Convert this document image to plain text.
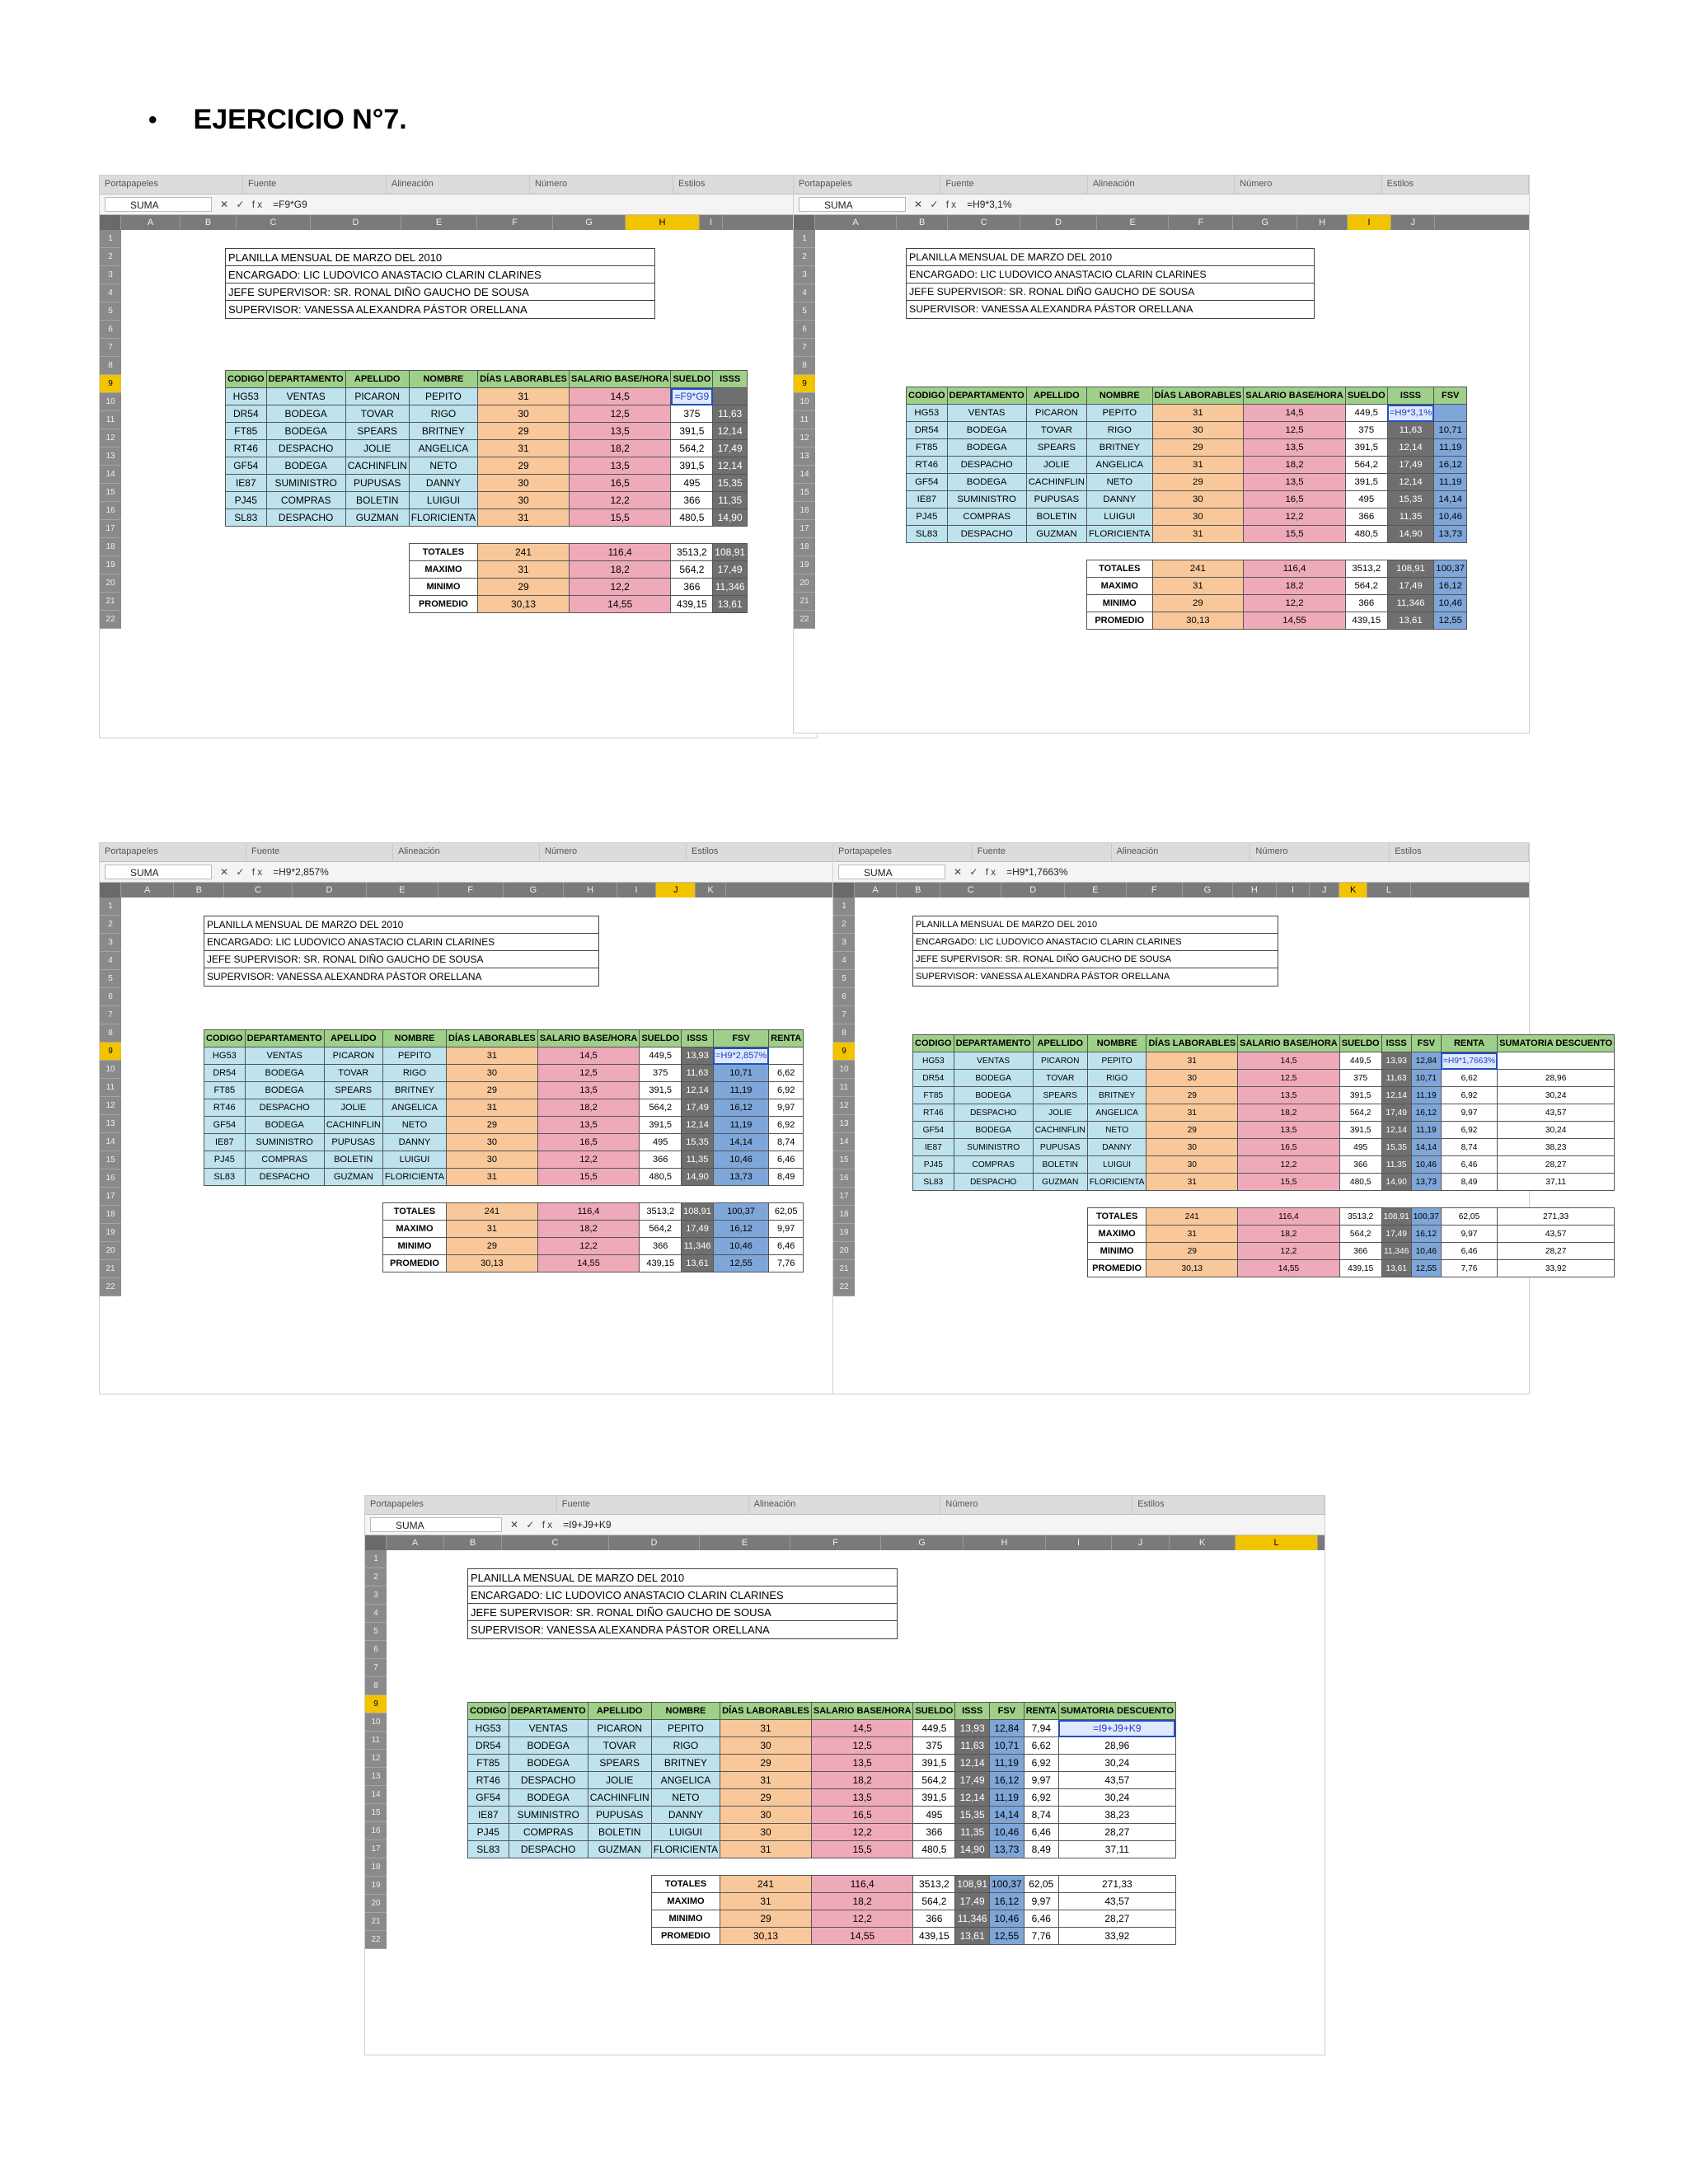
• EJERCICIO N°7.
Portapapeles	Fuente	Alineación	Número	Estilos
SUMA	✕ ✓ fx =F9*G9
A	B	C	D	E	F	G	H	I
1
2
3
4
5
6
7
8
9
10
11
12
13
14
15
16
17
18
19
20
21
22
PLANILLA MENSUAL DE MARZO DEL 2010
ENCARGADO: LIC LUDOVICO ANASTACIO CLARIN CLARINES
JEFE SUPERVISOR: SR. RONAL DIÑO GAUCHO DE SOUSA
SUPERVISOR: VANESSA ALEXANDRA PÁSTOR ORELLANA
CODIGO	DEPARTAMENTO	APELLIDO	NOMBRE	DÍAS LABORABLES	SALARIO BASE/HORA	SUELDO	ISSS
HG53	VENTAS	PICARON	PEPITO	31	14,5	=F9*G9	
DR54	BODEGA	TOVAR	RIGO	30	12,5	375	11,63
FT85	BODEGA	SPEARS	BRITNEY	29	13,5	391,5	12,14
RT46	DESPACHO	JOLIE	ANGELICA	31	18,2	564,2	17,49
GF54	BODEGA	CACHINFLIN	NETO	29	13,5	391,5	12,14
IE87	SUMINISTRO	PUPUSAS	DANNY	30	16,5	495	15,35
PJ45	COMPRAS	BOLETIN	LUIGUI	30	12,2	366	11,35
SL83	DESPACHO	GUZMAN	FLORICIENTA	31	15,5	480,5	14,90

			TOTALES	241	116,4	3513,2	108,91
			MAXIMO	31	18,2	564,2	17,49
			MINIMO	29	12,2	366	11,346
			PROMEDIO	30,13	14,55	439,15	13,61
Portapapeles	Fuente	Alineación	Número	Estilos
SUMA	✕ ✓ fx =H9*3,1%
A	B	C	D	E	F	G	H	I	J
1
2
3
4
5
6
7
8
9
10
11
12
13
14
15
16
17
18
19
20
21
22
PLANILLA MENSUAL DE MARZO DEL 2010
ENCARGADO: LIC LUDOVICO ANASTACIO CLARIN CLARINES
JEFE SUPERVISOR: SR. RONAL DIÑO GAUCHO DE SOUSA
SUPERVISOR: VANESSA ALEXANDRA PÁSTOR ORELLANA
CODIGO	DEPARTAMENTO	APELLIDO	NOMBRE	DÍAS LABORABLES	SALARIO BASE/HORA	SUELDO	ISSS	FSV
HG53	VENTAS	PICARON	PEPITO	31	14,5	449,5	=H9*3,1%	
DR54	BODEGA	TOVAR	RIGO	30	12,5	375	11,63	10,71
FT85	BODEGA	SPEARS	BRITNEY	29	13,5	391,5	12,14	11,19
RT46	DESPACHO	JOLIE	ANGELICA	31	18,2	564,2	17,49	16,12
GF54	BODEGA	CACHINFLIN	NETO	29	13,5	391,5	12,14	11,19
IE87	SUMINISTRO	PUPUSAS	DANNY	30	16,5	495	15,35	14,14
PJ45	COMPRAS	BOLETIN	LUIGUI	30	12,2	366	11,35	10,46
SL83	DESPACHO	GUZMAN	FLORICIENTA	31	15,5	480,5	14,90	13,73

			TOTALES	241	116,4	3513,2	108,91	100,37
			MAXIMO	31	18,2	564,2	17,49	16,12
			MINIMO	29	12,2	366	11,346	10,46
			PROMEDIO	30,13	14,55	439,15	13,61	12,55
Portapapeles	Fuente	Alineación	Número	Estilos
SUMA	✕ ✓ fx =H9*2,857%
A	B	C	D	E	F	G	H	I	J	K
1
2
3
4
5
6
7
8
9
10
11
12
13
14
15
16
17
18
19
20
21
22
PLANILLA MENSUAL DE MARZO DEL 2010
ENCARGADO: LIC LUDOVICO ANASTACIO CLARIN CLARINES
JEFE SUPERVISOR: SR. RONAL DIÑO GAUCHO DE SOUSA
SUPERVISOR: VANESSA ALEXANDRA PÁSTOR ORELLANA
CODIGO	DEPARTAMENTO	APELLIDO	NOMBRE	DÍAS LABORABLES	SALARIO BASE/HORA	SUELDO	ISSS	FSV	RENTA
HG53	VENTAS	PICARON	PEPITO	31	14,5	449,5	13,93	=H9*2,857%	
DR54	BODEGA	TOVAR	RIGO	30	12,5	375	11,63	10,71	6,62
FT85	BODEGA	SPEARS	BRITNEY	29	13,5	391,5	12,14	11,19	6,92
RT46	DESPACHO	JOLIE	ANGELICA	31	18,2	564,2	17,49	16,12	9,97
GF54	BODEGA	CACHINFLIN	NETO	29	13,5	391,5	12,14	11,19	6,92
IE87	SUMINISTRO	PUPUSAS	DANNY	30	16,5	495	15,35	14,14	8,74
PJ45	COMPRAS	BOLETIN	LUIGUI	30	12,2	366	11,35	10,46	6,46
SL83	DESPACHO	GUZMAN	FLORICIENTA	31	15,5	480,5	14,90	13,73	8,49

			TOTALES	241	116,4	3513,2	108,91	100,37	62,05
			MAXIMO	31	18,2	564,2	17,49	16,12	9,97
			MINIMO	29	12,2	366	11,346	10,46	6,46
			PROMEDIO	30,13	14,55	439,15	13,61	12,55	7,76
Portapapeles	Fuente	Alineación	Número	Estilos
SUMA	✕ ✓ fx =H9*1,7663%
A	B	C	D	E	F	G	H	I	J	K	L
1
2
3
4
5
6
7
8
9
10
11
12
13
14
15
16
17
18
19
20
21
22
PLANILLA MENSUAL DE MARZO DEL 2010
ENCARGADO: LIC LUDOVICO ANASTACIO CLARIN CLARINES
JEFE SUPERVISOR: SR. RONAL DIÑO GAUCHO DE SOUSA
SUPERVISOR: VANESSA ALEXANDRA PÁSTOR ORELLANA
CODIGO	DEPARTAMENTO	APELLIDO	NOMBRE	DÍAS LABORABLES	SALARIO BASE/HORA	SUELDO	ISSS	FSV	RENTA	SUMATORIA DESCUENTO
HG53	VENTAS	PICARON	PEPITO	31	14,5	449,5	13,93	12,84	=H9*1,7663%	
DR54	BODEGA	TOVAR	RIGO	30	12,5	375	11,63	10,71	6,62	28,96
FT85	BODEGA	SPEARS	BRITNEY	29	13,5	391,5	12,14	11,19	6,92	30,24
RT46	DESPACHO	JOLIE	ANGELICA	31	18,2	564,2	17,49	16,12	9,97	43,57
GF54	BODEGA	CACHINFLIN	NETO	29	13,5	391,5	12,14	11,19	6,92	30,24
IE87	SUMINISTRO	PUPUSAS	DANNY	30	16,5	495	15,35	14,14	8,74	38,23
PJ45	COMPRAS	BOLETIN	LUIGUI	30	12,2	366	11,35	10,46	6,46	28,27
SL83	DESPACHO	GUZMAN	FLORICIENTA	31	15,5	480,5	14,90	13,73	8,49	37,11

			TOTALES	241	116,4	3513,2	108,91	100,37	62,05	271,33
			MAXIMO	31	18,2	564,2	17,49	16,12	9,97	43,57
			MINIMO	29	12,2	366	11,346	10,46	6,46	28,27
			PROMEDIO	30,13	14,55	439,15	13,61	12,55	7,76	33,92
Portapapeles	Fuente	Alineación	Número	Estilos
SUMA	✕ ✓ fx =I9+J9+K9
A	B	C	D	E	F	G	H	I	J	K	L
1
2
3
4
5
6
7
8
9
10
11
12
13
14
15
16
17
18
19
20
21
22
PLANILLA MENSUAL DE MARZO DEL 2010
ENCARGADO: LIC LUDOVICO ANASTACIO CLARIN CLARINES
JEFE SUPERVISOR: SR. RONAL DIÑO GAUCHO DE SOUSA
SUPERVISOR: VANESSA ALEXANDRA PÁSTOR ORELLANA
CODIGO	DEPARTAMENTO	APELLIDO	NOMBRE	DÍAS LABORABLES	SALARIO BASE/HORA	SUELDO	ISSS	FSV	RENTA	SUMATORIA DESCUENTO
HG53	VENTAS	PICARON	PEPITO	31	14,5	449,5	13,93	12,84	7,94	=I9+J9+K9
DR54	BODEGA	TOVAR	RIGO	30	12,5	375	11,63	10,71	6,62	28,96
FT85	BODEGA	SPEARS	BRITNEY	29	13,5	391,5	12,14	11,19	6,92	30,24
RT46	DESPACHO	JOLIE	ANGELICA	31	18,2	564,2	17,49	16,12	9,97	43,57
GF54	BODEGA	CACHINFLIN	NETO	29	13,5	391,5	12,14	11,19	6,92	30,24
IE87	SUMINISTRO	PUPUSAS	DANNY	30	16,5	495	15,35	14,14	8,74	38,23
PJ45	COMPRAS	BOLETIN	LUIGUI	30	12,2	366	11,35	10,46	6,46	28,27
SL83	DESPACHO	GUZMAN	FLORICIENTA	31	15,5	480,5	14,90	13,73	8,49	37,11

			TOTALES	241	116,4	3513,2	108,91	100,37	62,05	271,33
			MAXIMO	31	18,2	564,2	17,49	16,12	9,97	43,57
			MINIMO	29	12,2	366	11,346	10,46	6,46	28,27
			PROMEDIO	30,13	14,55	439,15	13,61	12,55	7,76	33,92
